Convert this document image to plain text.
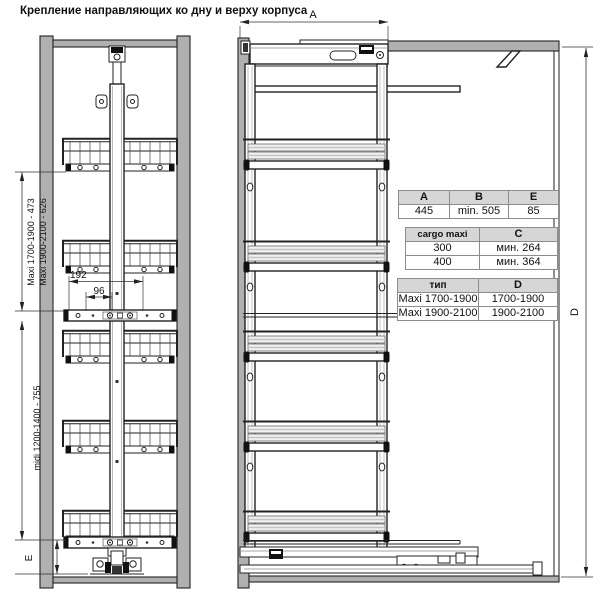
Крепление направляющих ко дну и верху корпуса
Maxi 1700-1900 - 473 Maxi 1900-2100 - 626
midi 1200-1400 - 755
E
192
96
A
D
A	B	E
445	min. 505	85
cargo maxi	C
300	мин. 264
400	мин. 364
тип	D
Maxi 1700-1900	1700-1900
Maxi 1900-2100	1900-2100
